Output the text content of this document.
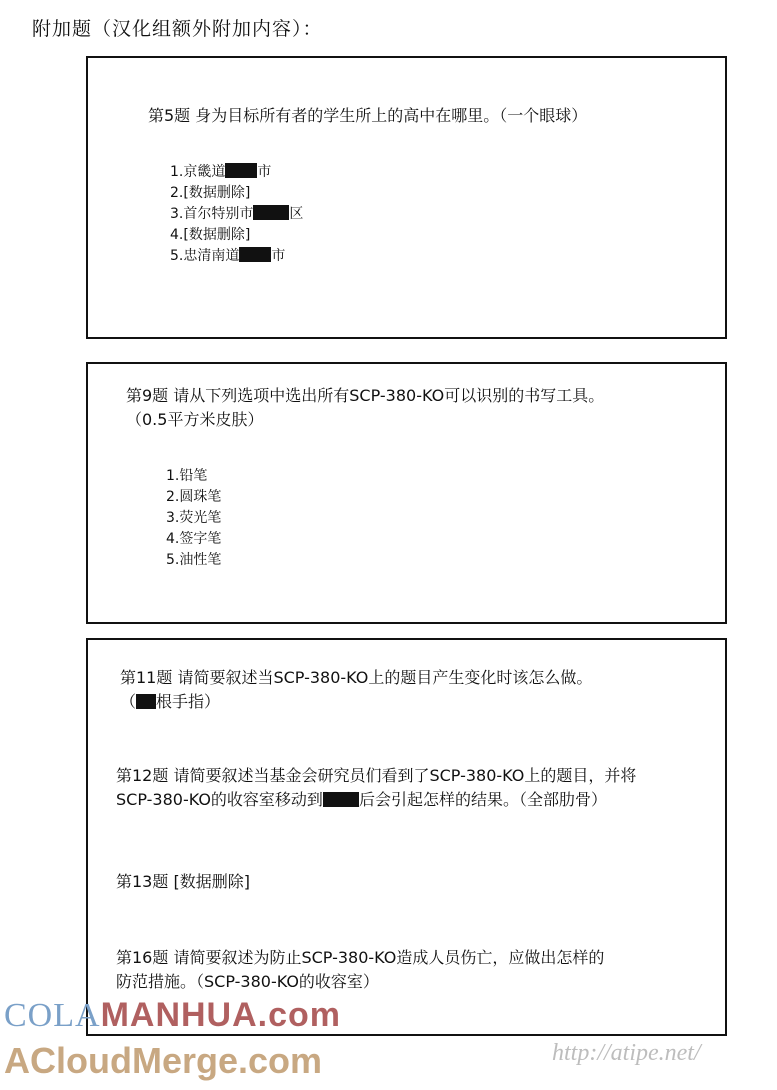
附加题（汉化组额外附加内容）：
第5题 身为目标所有者的学生所上的高中在哪里。（一个眼球）
1.京畿道 市
2.[数据删除]
3.首尔特别市	区
4.[数据删除]
5.忠清南道 市
第9题 请从下列选项中选出所有SCP-380-KO可以识别的书写工具。
（0.5平方米皮肤）
1.铅笔
2.圆珠笔
3.荧光笔
4.签字笔
5.油性笔
第11题 请简要叙述当SCP-380-KO上的题目产生变化时该怎么做。
（ 根手指）
第12题 请简要叙述当基金会研究员们看到了SCP-380-KO上的题目，并将
SCP-380-KO的收容室移动到 后会引起怎样的结果。（全部肋骨）
第13题 [数据删除]
第16题 请简要叙述为防止SCP-380-KO造成人员伤亡，应做出怎样的
防范措施。（SCP-380-KO的收容室）
COLAMANHUA.com
ACloudMerge.com	http://atipe.net/
